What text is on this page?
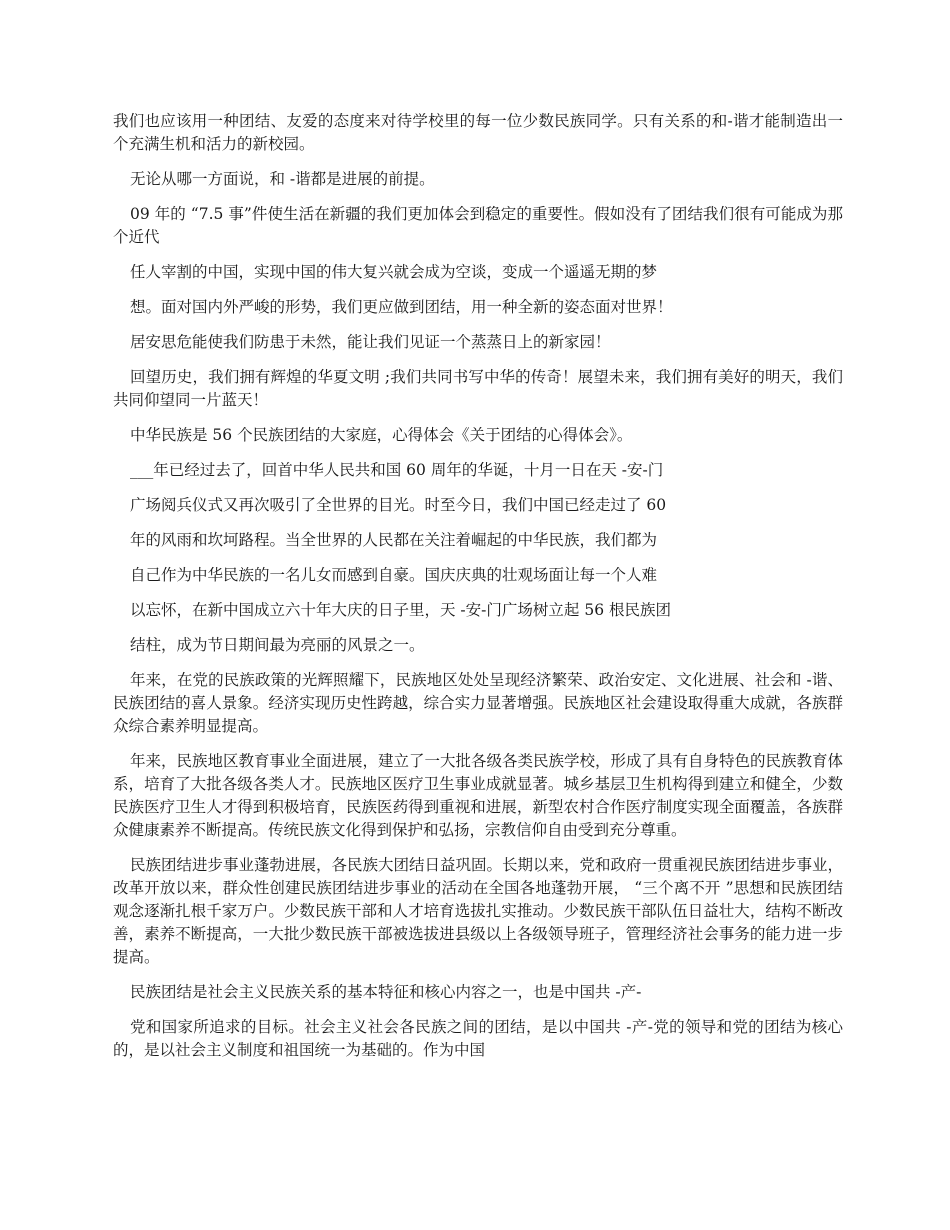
我们也应该用一种团结、友爱的态度来对待学校里的每一位少数民族同学。只有关系的和-谐才能制造出一个充满生机和活力的新校园。

无论从哪一方面说，和 -谐都是进展的前提。

09 年的 “7.5 事”件使生活在新疆的我们更加体会到稳定的重要性。假如没有了团结我们很有可能成为那个近代

任人宰割的中国，实现中国的伟大复兴就会成为空谈，变成一个遥遥无期的梦

想。面对国内外严峻的形势，我们更应做到团结，用一种全新的姿态面对世界！

居安思危能使我们防患于未然，能让我们见证一个蒸蒸日上的新家园！

回望历史，我们拥有辉煌的华夏文明 ;我们共同书写中华的传奇！展望未来，我们拥有美好的明天，我们共同仰望同一片蓝天！

中华民族是 56 个民族团结的大家庭，心得体会《关于团结的心得体会》。

___年已经过去了，回首中华人民共和国 60 周年的华诞，十月一日在天 -安-门

广场阅兵仪式又再次吸引了全世界的目光。时至今日，我们中国已经走过了 60

年的风雨和坎坷路程。当全世界的人民都在关注着崛起的中华民族，我们都为

自己作为中华民族的一名儿女而感到自豪。国庆庆典的壮观场面让每一个人难

以忘怀，在新中国成立六十年大庆的日子里，天 -安-门广场树立起 56 根民族团

结柱，成为节日期间最为亮丽的风景之一。

年来，在党的民族政策的光辉照耀下，民族地区处处呈现经济繁荣、政治安定、文化进展、社会和 -谐、民族团结的喜人景象。经济实现历史性跨越，综合实力显著增强。民族地区社会建设取得重大成就，各族群众综合素养明显提高。

年来，民族地区教育事业全面进展，建立了一大批各级各类民族学校，形成了具有自身特色的民族教育体系，培育了大批各级各类人才。民族地区医疗卫生事业成就显著。城乡基层卫生机构得到建立和健全，少数民族医疗卫生人才得到积极培育，民族医药得到重视和进展，新型农村合作医疗制度实现全面覆盖，各族群众健康素养不断提高。传统民族文化得到保护和弘扬，宗教信仰自由受到充分尊重。

民族团结进步事业蓬勃进展，各民族大团结日益巩固。长期以来，党和政府一贯重视民族团结进步事业，改革开放以来，群众性创建民族团结进步事业的活动在全国各地蓬勃开展， “三个离不开 ”思想和民族团结观念逐渐扎根千家万户。少数民族干部和人才培育选拔扎实推动。少数民族干部队伍日益壮大，结构不断改善，素养不断提高，一大批少数民族干部被选拔进县级以上各级领导班子，管理经济社会事务的能力进一步提高。

民族团结是社会主义民族关系的基本特征和核心内容之一，也是中国共 -产-

党和国家所追求的目标。社会主义社会各民族之间的团结，是以中国共 -产-党的领导和党的团结为核心的，是以社会主义制度和祖国统一为基础的。作为中国
